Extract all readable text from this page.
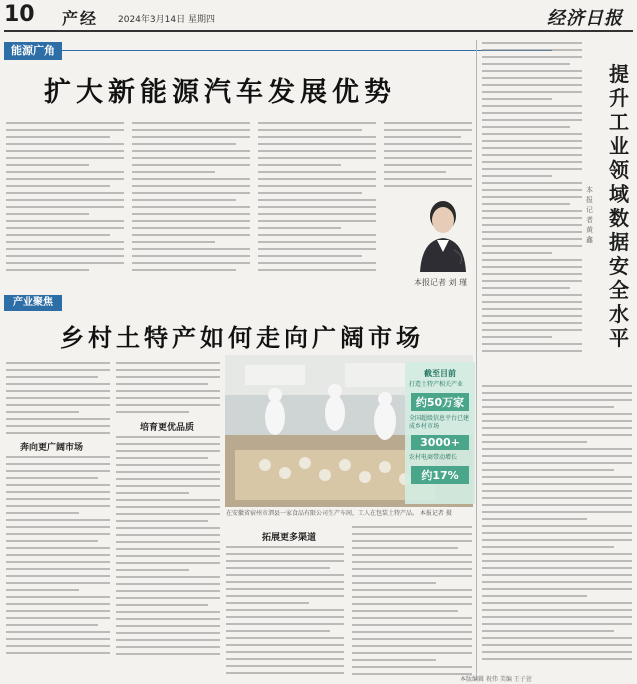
10 产经 2024年3月14日 星期四	经济日报
能源广角
扩大新能源汽车发展优势
本报记者 刘 瑾
提升工业领域数据安全水平
本报记者 黄 鑫
产业聚焦
乡村土特产如何走向广阔市场
奔向更广阔市场
培育更优品质
截至目前
打造土特产相关产业
约50万家
全国超级信息平台已建成乡村市场
3000+
农村电商带动增长
约17%
在安徽省宿州市泗县一家食品有限公司生产车间，工人在包装土特产品。 本报记者 摄
拓展更多渠道
本版编辑 祝伟 美编 王子萱
